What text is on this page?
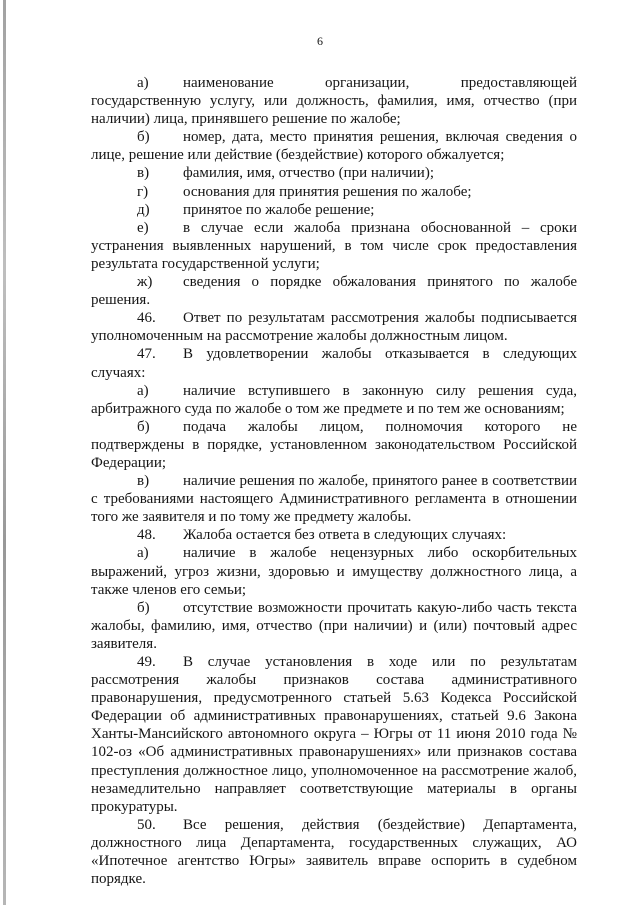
6

а) наименование организации, предоставляющей государственную услугу, или должность, фамилия, имя, отчество (при наличии) лица, принявшего решение по жалобе;

б) номер, дата, место принятия решения, включая сведения о лице, решение или действие (бездействие) которого обжалуется;

в) фамилия, имя, отчество (при наличии);

г) основания для принятия решения по жалобе;

д) принятое по жалобе решение;

е) в случае если жалоба признана обоснованной – сроки устранения выявленных нарушений, в том числе срок предоставления результата государственной услуги;

ж) сведения о порядке обжалования принятого по жалобе решения.

46. Ответ по результатам рассмотрения жалобы подписывается уполномоченным на рассмотрение жалобы должностным лицом.

47. В удовлетворении жалобы отказывается в следующих случаях:

а) наличие вступившего в законную силу решения суда, арбитражного суда по жалобе о том же предмете и по тем же основаниям;

б) подача жалобы лицом, полномочия которого не подтверждены в порядке, установленном законодательством Российской Федерации;

в) наличие решения по жалобе, принятого ранее в соответствии с требованиями настоящего Административного регламента в отношении того же заявителя и по тому же предмету жалобы.

48. Жалоба остается без ответа в следующих случаях:

а) наличие в жалобе нецензурных либо оскорбительных выражений, угроз жизни, здоровью и имуществу должностного лица, а также членов его семьи;

б) отсутствие возможности прочитать какую-либо часть текста жалобы, фамилию, имя, отчество (при наличии) и (или) почтовый адрес заявителя.

49. В случае установления в ходе или по результатам рассмотрения жалобы признаков состава административного правонарушения, предусмотренного статьей 5.63 Кодекса Российской Федерации об административных правонарушениях, статьей 9.6 Закона Ханты-Мансийского автономного округа – Югры от 11 июня 2010 года № 102-оз «Об административных правонарушениях» или признаков состава преступления должностное лицо, уполномоченное на рассмотрение жалоб, незамедлительно направляет соответствующие материалы в органы прокуратуры.

50. Все решения, действия (бездействие) Департамента, должностного лица Департамента, государственных служащих, АО «Ипотечное агентство Югры» заявитель вправе оспорить в судебном порядке.
